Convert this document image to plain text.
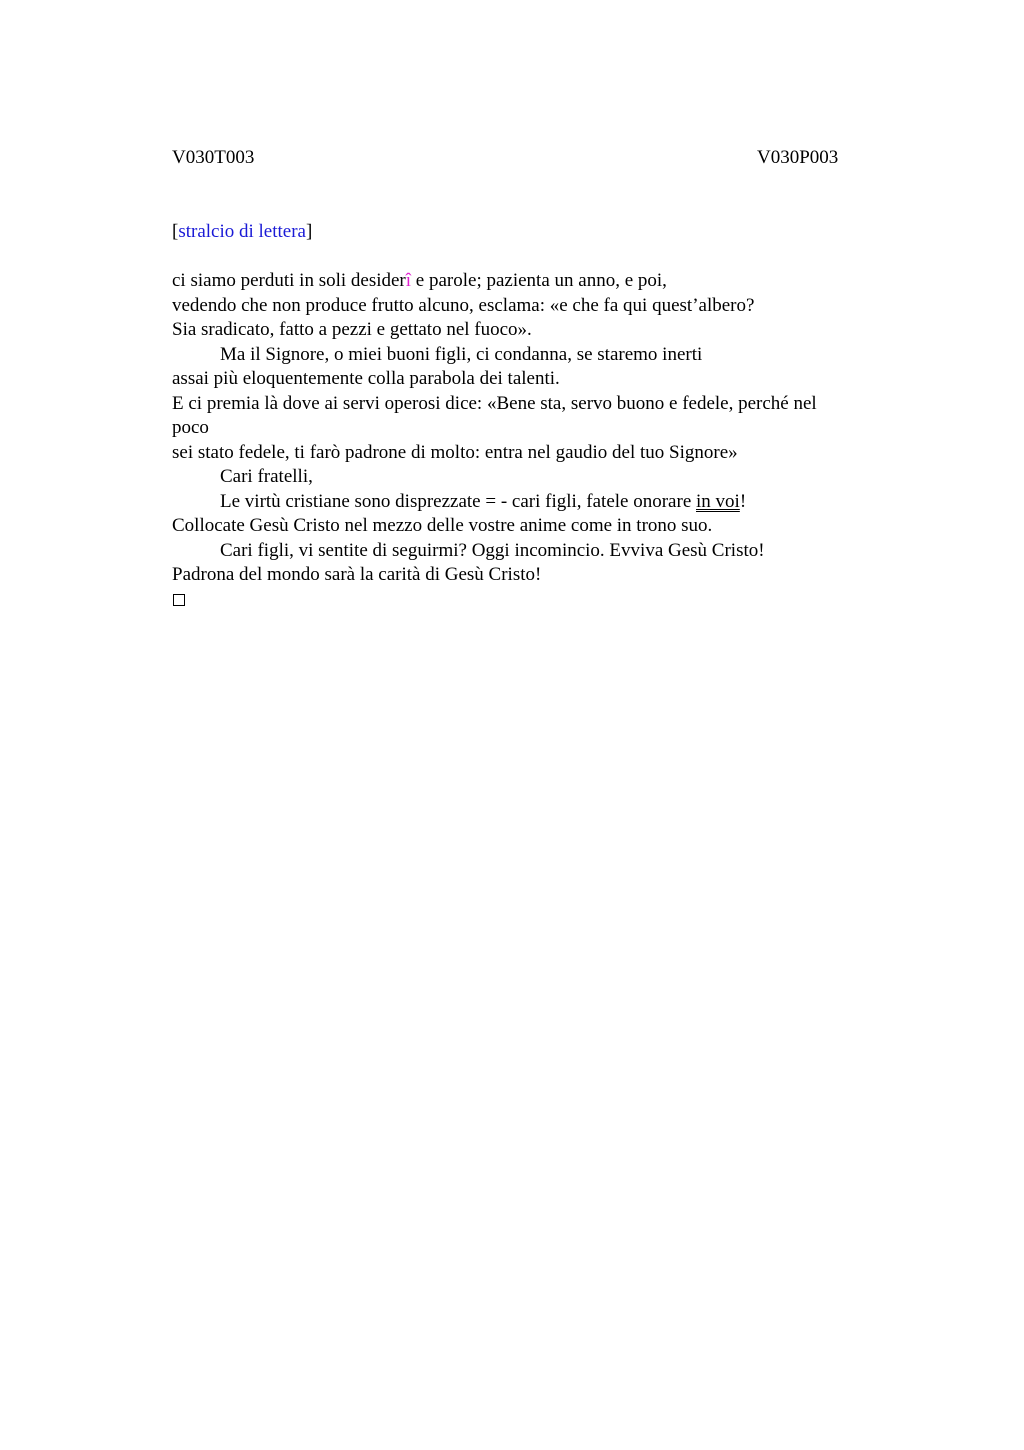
V030T003	V030P003
[stralcio di lettera]
ci siamo perduti in soli desiderî e parole; pazienta un anno, e poi,
vedendo che non produce frutto alcuno, esclama: «e che fa qui quest’albero?
Sia sradicato, fatto a pezzi e gettato nel fuoco».
Ma il Signore, o miei buoni figli, ci condanna, se staremo inerti
assai più eloquentemente colla parabola dei talenti.
E ci premia là dove ai servi operosi dice: «Bene sta, servo buono e fedele, perché nel
poco
sei stato fedele, ti farò padrone di molto: entra nel gaudio del tuo Signore»
Cari fratelli,
Le virtù cristiane sono disprezzate = - cari figli, fatele onorare in voi!
Collocate Gesù Cristo nel mezzo delle vostre anime come in trono suo.
Cari figli, vi sentite di seguirmi? Oggi incomincio. Evviva Gesù Cristo!
Padrona del mondo sarà la carità di Gesù Cristo!
